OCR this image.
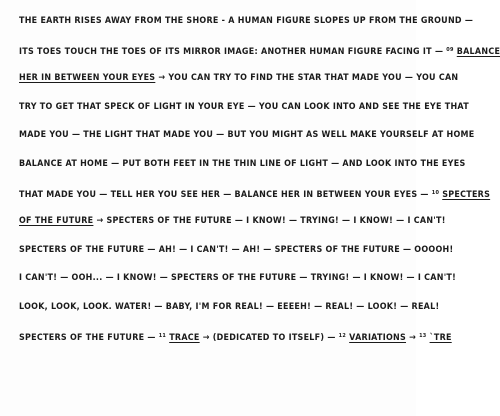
THE EARTH RISES AWAY FROM THE SHORE - A HUMAN FIGURE SLOPES UP FROM THE GROUND —
ITS TOES TOUCH THE TOES OF ITS MIRROR IMAGE: ANOTHER HUMAN FIGURE FACING IT — $^{09}$ BALANCE
HER IN BETWEEN YOUR EYES → YOU CAN TRY TO FIND THE STAR THAT MADE YOU — YOU CAN
TRY TO GET THAT SPECK OF LIGHT IN YOUR EYE — YOU CAN LOOK INTO AND SEE THE EYE THAT
MADE YOU — THE LIGHT THAT MADE YOU — BUT YOU MIGHT AS WELL MAKE YOURSELF AT HOME
BALANCE AT HOME — PUT BOTH FEET IN THE THIN LINE OF LIGHT — AND LOOK INTO THE EYES
THAT MADE YOU — TELL HER YOU SEE HER — BALANCE HER IN BETWEEN YOUR EYES — $^{10}$ SPECTERS
OF THE FUTURE → SPECTERS OF THE FUTURE — I KNOW! — TRYING! — I KNOW! — I CAN'T!
SPECTERS OF THE FUTURE — AH! — I CAN'T! — AH! — SPECTERS OF THE FUTURE — OOOOH!
I CAN'T! — OOH... — I KNOW! — SPECTERS OF THE FUTURE — TRYING! — I KNOW! — I CAN'T!
LOOK, LOOK, LOOK. WATER! — BABY, I'M FOR REAL! — EEEEH! — REAL! — LOOK! — REAL!
SPECTERS OF THE FUTURE — $^{11}$ TRACE → (DEDICATED TO ITSELF) — $^{12}$ VARIATIONS → $^{13}$ `TRE
